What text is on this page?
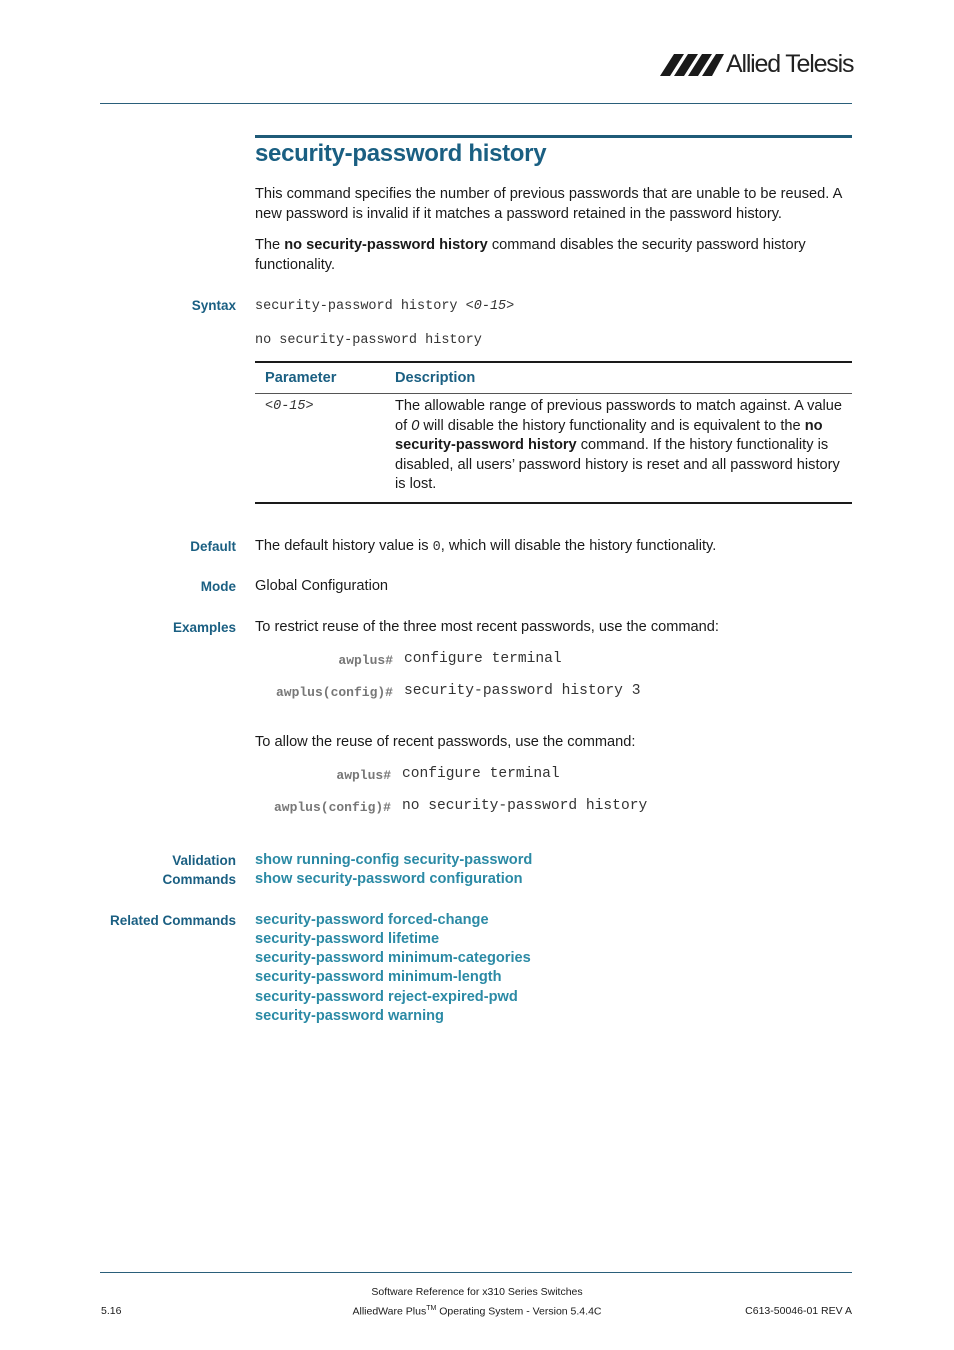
Allied Telesis
security-password history
This command specifies the number of previous passwords that are unable to be reused. A new password is invalid if it matches a password retained in the password history.
The no security-password history command disables the security password history functionality.
Syntax security-password history <0-15>
no security-password history
Parameter	Description
<0-15>	The allowable range of previous passwords to match against. A value of 0 will disable the history functionality and is equivalent to the no security-password history command. If the history functionality is disabled, all users’ password history is reset and all password history is lost.
Default The default history value is 0, which will disable the history functionality.
Mode Global Configuration
Examples To restrict reuse of the three most recent passwords, use the command:
awplus# configure terminal
awplus(config)# security-password history 3
To allow the reuse of recent passwords, use the command:
awplus# configure terminal
awplus(config)# no security-password history
Validation
Commands
show running-config security-password
show security-password configuration
Related Commands security-password forced-change
security-password lifetime
security-password minimum-categories
security-password minimum-length
security-password reject-expired-pwd
security-password warning
Software Reference for x310 Series Switches
AlliedWare Plus™ Operating System - Version 5.4.4C
5.16	C613-50046-01 REV A
